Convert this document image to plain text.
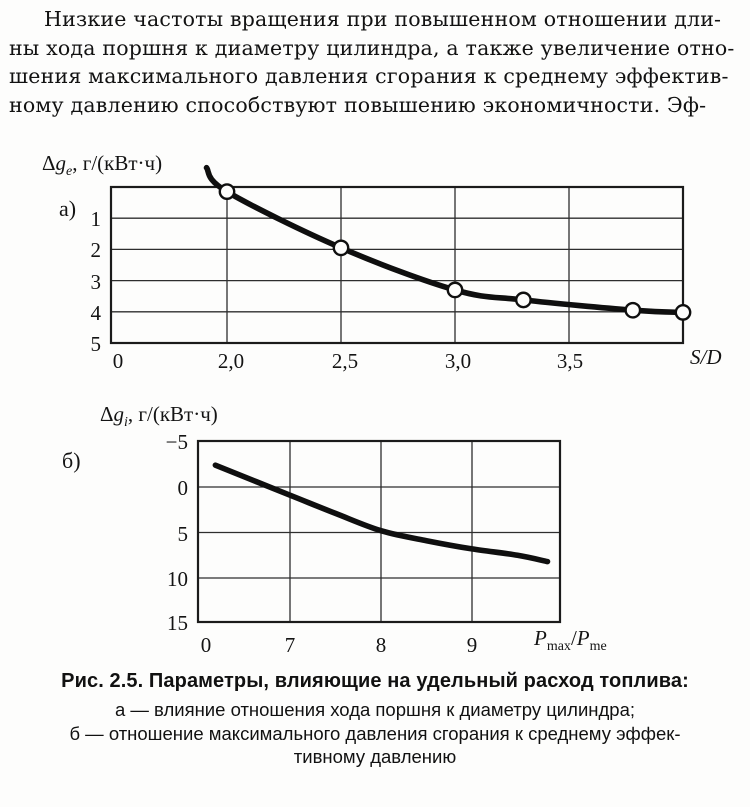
Низкие частоты вращения при повышенном отношении дли-
ны хода поршня к диаметру цилиндра, а также увеличение отно-
шения максимального давления сгорания к среднему эффектив-
ному давлению способствуют повышению экономичности. Эф-
0	2,0	2,5	3,0	3,5
1
2
3
4
5
$\Delta g_e$, г/(кВт·ч)
S/D
а)
0	7	8	9
−5
0
5
10
15
$\Delta g_i$, г/(кВт·ч)
$P_{max}/P_{me}$
б)
Рис. 2.5. Параметры, влияющие на удельный расход топлива:
а — влияние отношения хода поршня к диаметру цилиндра;
б — отношение максимального давления сгорания к среднему эффек-
тивному давлению
